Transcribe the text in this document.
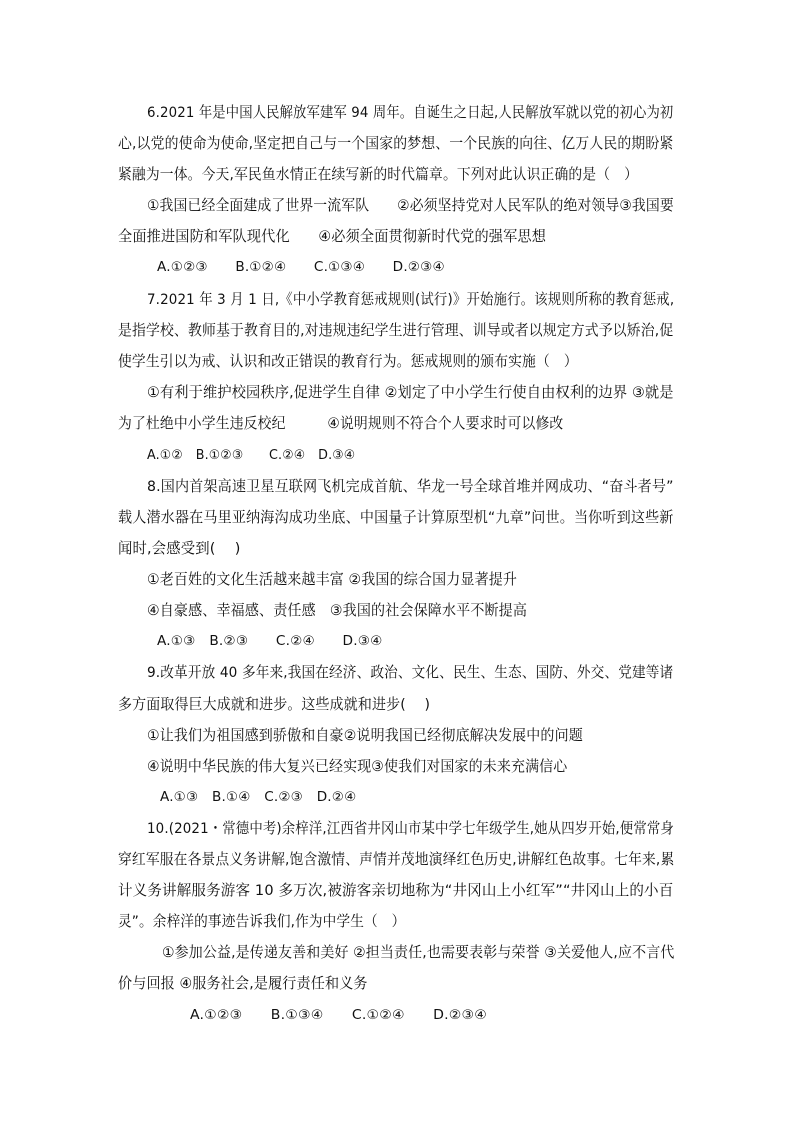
6.2021 年是中国人民解放军建军 94 周年。自诞生之日起,人民解放军就以党的初心为初
心,以党的使命为使命,坚定把自己与一个国家的梦想、一个民族的向往、亿万人民的期盼紧
紧融为一体。今天,军民鱼水情正在续写新的时代篇章。下列对此认识正确的是（　）
①我国已经全面建成了世界一流军队　　②必须坚持党对人民军队的绝对领导③我国要
全面推进国防和军队现代化　　④必须全面贯彻新时代党的强军思想
A.①②③　　B.①②④　　C.①③④　　D.②③④
7.2021 年 3 月 1 日,《中小学教育惩戒规则(试行)》开始施行。该规则所称的教育惩戒,
是指学校、教师基于教育目的,对违规违纪学生进行管理、训导或者以规定方式予以矫治,促
使学生引以为戒、认识和改正错误的教育行为。惩戒规则的颁布实施（　）
①有利于维护校园秩序,促进学生自律 ②划定了中小学生行使自由权利的边界 ③就是
为了杜绝中小学生违反校纪　　　④说明规则不符合个人要求时可以修改
A.①②　B.①②③　　C.②④　D.③④
8.国内首架高速卫星互联网飞机完成首航、华龙一号全球首堆并网成功、“奋斗者号”
载人潜水器在马里亚纳海沟成功坐底、中国量子计算原型机“九章”问世。当你听到这些新
闻时,会感受到(　 )
①老百姓的文化生活越来越丰富 ②我国的综合国力显著提升
④自豪感、幸福感、责任感　③我国的社会保障水平不断提高
A.①③　B.②③　　C.②④　　D.③④
9.改革开放 40 多年来,我国在经济、政治、文化、民生、生态、国防、外交、党建等诸
多方面取得巨大成就和进步。这些成就和进步(　 )
①让我们为祖国感到骄傲和自豪②说明我国已经彻底解决发展中的问题
④说明中华民族的伟大复兴已经实现③使我们对国家的未来充满信心
A.①③　B.①④　C.②③　D.②④
10.(2021・常德中考)余梓洋,江西省井冈山市某中学七年级学生,她从四岁开始,便常常身
穿红军服在各景点义务讲解,饱含激情、声情并茂地演绎红色历史,讲解红色故事。七年来,累
计义务讲解服务游客 10 多万次,被游客亲切地称为“井冈山上小红军”“井冈山上的小百
灵”。余梓洋的事迹告诉我们,作为中学生（　）
①参加公益,是传递友善和美好 ②担当责任,也需要表彰与荣誉 ③关爱他人,应不言代
价与回报 ④服务社会,是履行责任和义务
A.①②③　　B.①③④　　C.①②④　　D.②③④
